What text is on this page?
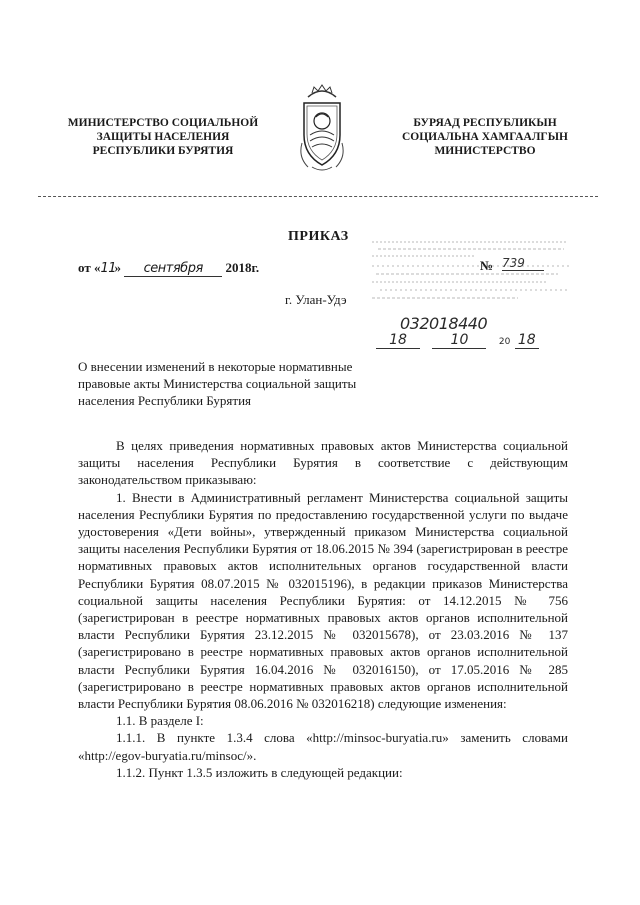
МИНИСТЕРСТВО СОЦИАЛЬНОЙ
ЗАЩИТЫ НАСЕЛЕНИЯ
РЕСПУБЛИКИ БУРЯТИЯ
БУРЯАД РЕСПУБЛИКЫН
СОЦИАЛЬНА ХАМГААЛГЫН
МИНИСТЕРСТВО
ПРИКАЗ
от «11» сентября 2018г.	№ 739
032018440
18	10	20 18
г. Улан-Удэ
О внесении изменений в некоторые нормативные
правовые акты Министерства социальной защиты
населения Республики Бурятия

В целях приведения нормативных правовых актов Министерства социальной защиты населения Республики Бурятия в соответствие с действующим законодательством приказываю:

1. Внести в Административный регламент Министерства социальной защиты населения Республики Бурятия по предоставлению государственной услуги по выдаче удостоверения «Дети войны», утвержденный приказом Министерства социальной защиты населения Республики Бурятия от 18.06.2015 № 394 (зарегистрирован в реестре нормативных правовых актов исполнительных органов государственной власти Республики Бурятия 08.07.2015 № 032015196), в редакции приказов Министерства социальной защиты населения Республики Бурятия: от 14.12.2015 № 756 (зарегистрирован в реестре нормативных правовых актов органов исполнительной власти Республики Бурятия 23.12.2015 № 032015678), от 23.03.2016 № 137 (зарегистрировано в реестре нормативных правовых актов органов исполнительной власти Республики Бурятия 16.04.2016 № 032016150), от 17.05.2016 № 285 (зарегистрировано в реестре нормативных правовых актов органов исполнительной власти Республики Бурятия 08.06.2016 № 032016218) следующие изменения:

1.1. В разделе I:

1.1.1. В пункте 1.3.4 слова «http://minsoc-buryatia.ru» заменить словами «http://egov-buryatia.ru/minsoc/».

1.1.2. Пункт 1.3.5 изложить в следующей редакции:
